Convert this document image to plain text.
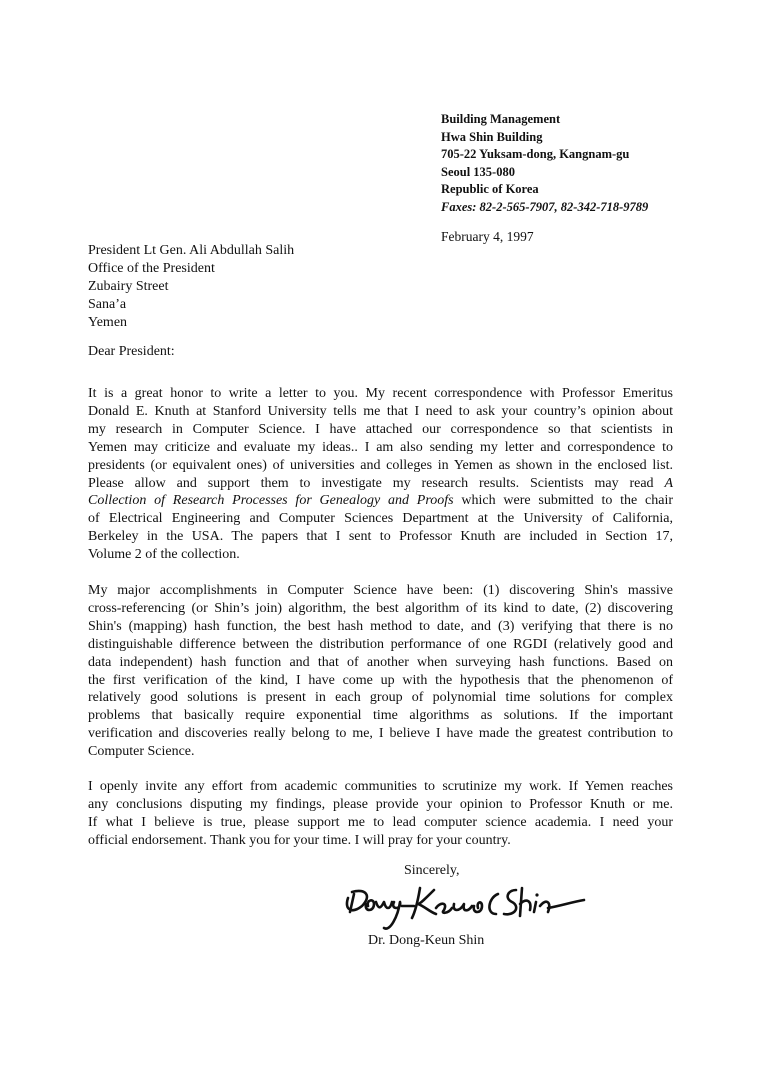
Building Management
Hwa Shin Building
705-22 Yuksam-dong, Kangnam-gu
Seoul 135-080
Republic of Korea
Faxes: 82-2-565-7907, 82-342-718-9789
February 4, 1997
President Lt Gen. Ali Abdullah Salih
Office of the President
Zubairy Street
Sana’a
Yemen
Dear President:
It is a great honor to write a letter to you. My recent correspondence with Professor Emeritus
Donald E. Knuth at Stanford University tells me that I need to ask your country’s opinion about
my research in Computer Science. I have attached our correspondence so that scientists in
Yemen may criticize and evaluate my ideas.. I am also sending my letter and correspondence to
presidents (or equivalent ones) of universities and colleges in Yemen as shown in the enclosed list.
Please allow and support them to investigate my research results. Scientists may read A
Collection of Research Processes for Genealogy and Proofs which were submitted to the chair
of Electrical Engineering and Computer Sciences Department at the University of California,
Berkeley in the USA. The papers that I sent to Professor Knuth are included in Section 17,
Volume 2 of the collection.
My major accomplishments in Computer Science have been: (1) discovering Shin's massive
cross-referencing (or Shin’s join) algorithm, the best algorithm of its kind to date, (2) discovering
Shin's (mapping) hash function, the best hash method to date, and (3) verifying that there is no
distinguishable difference between the distribution performance of one RGDI (relatively good and
data independent) hash function and that of another when surveying hash functions. Based on
the first verification of the kind, I have come up with the hypothesis that the phenomenon of
relatively good solutions is present in each group of polynomial time solutions for complex
problems that basically require exponential time algorithms as solutions. If the important
verification and discoveries really belong to me, I believe I have made the greatest contribution to
Computer Science.
I openly invite any effort from academic communities to scrutinize my work. If Yemen reaches
any conclusions disputing my findings, please provide your opinion to Professor Knuth or me.
If what I believe is true, please support me to lead computer science academia. I need your
official endorsement. Thank you for your time. I will pray for your country.
Sincerely,
Dr. Dong-Keun Shin
